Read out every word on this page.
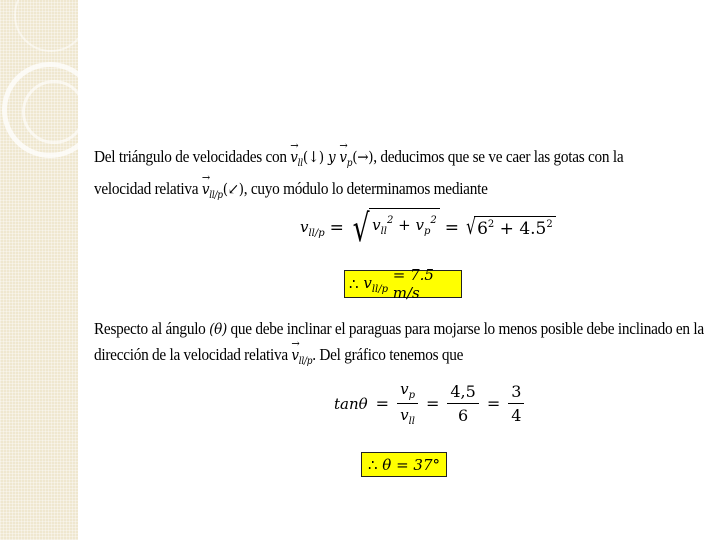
Del triángulo de velocidades con → $v_{ll}(↓) y \to v_p(\to)$, deducimos que se ve caer las gotas con la velocidad relativa → $v_{ll/p}(↙)$, cuyo módulo lo determinamos mediante
$v_{ll/p}$ = √ $v_{ll}^2 + v_p^2$ = √ $6^2 + 4.5^2$
∴
$v_{ll/p}$

= 7.5 m/s
Respecto al ángulo (θ) que debe inclinar el paraguas para mojarse lo menos posible debe inclinado en la dirección de la velocidad relativa → $v_{ll/p}$. Del gráfico tenemos que
$\tan\theta = \frac{v_p}{v_{ll}} = \frac{4,5}{6} = \frac{3}{4}$
∴ θ = 37°
